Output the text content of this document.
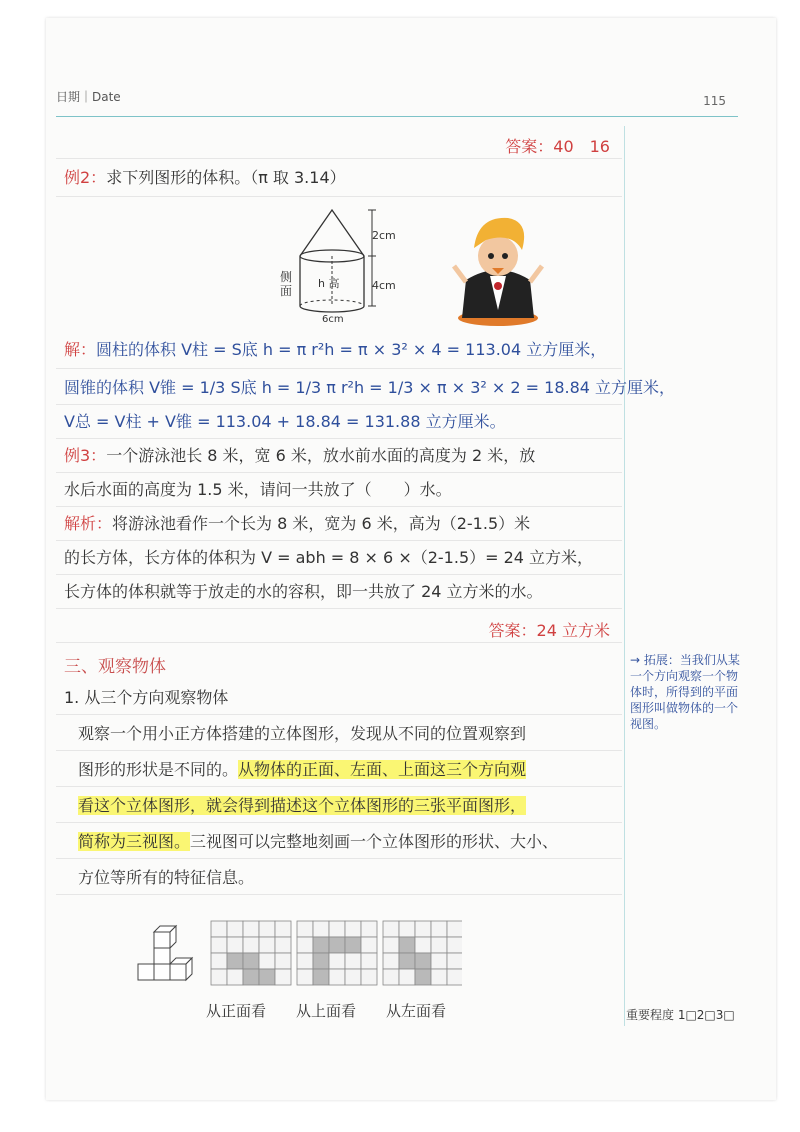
日期｜Date	115
答案：40　16
例2：求下列图形的体积。（π 取 3.14）
2cm
4cm
h 高
侧面
6cm
解：圆柱的体积 V柱 = S底 h = π r²h = π × 3² × 4 = 113.04 立方厘米，
圆锥的体积 V锥 = 1/3 S底 h = 1/3 π r²h = 1/3 × π × 3² × 2 = 18.84 立方厘米，
V总 = V柱 + V锥 = 113.04 + 18.84 = 131.88 立方厘米。
例3：一个游泳池长 8 米，宽 6 米，放水前水面的高度为 2 米，放
水后水面的高度为 1.5 米，请问一共放了（　　）水。
解析：将游泳池看作一个长为 8 米，宽为 6 米，高为（2-1.5）米
的长方体，长方体的体积为 V = abh = 8 × 6 ×（2-1.5）= 24 立方米，
长方体的体积就等于放走的水的容积，即一共放了 24 立方米的水。
答案：24 立方米
三、观察物体
1. 从三个方向观察物体
观察一个用小正方体搭建的立体图形，发现从不同的位置观察到
图形的形状是不同的。从物体的正面、左面、上面这三个方向观
看这个立体图形，就会得到描述这个立体图形的三张平面图形，
简称为三视图。三视图可以完整地刻画一个立体图形的形状、大小、
方位等所有的特征信息。
→ 拓展：当我们从某一个方向观察一个物体时，所得到的平面图形叫做物体的一个视图。
从正面看 从上面看 从左面看	重要程度 1□2□3□
